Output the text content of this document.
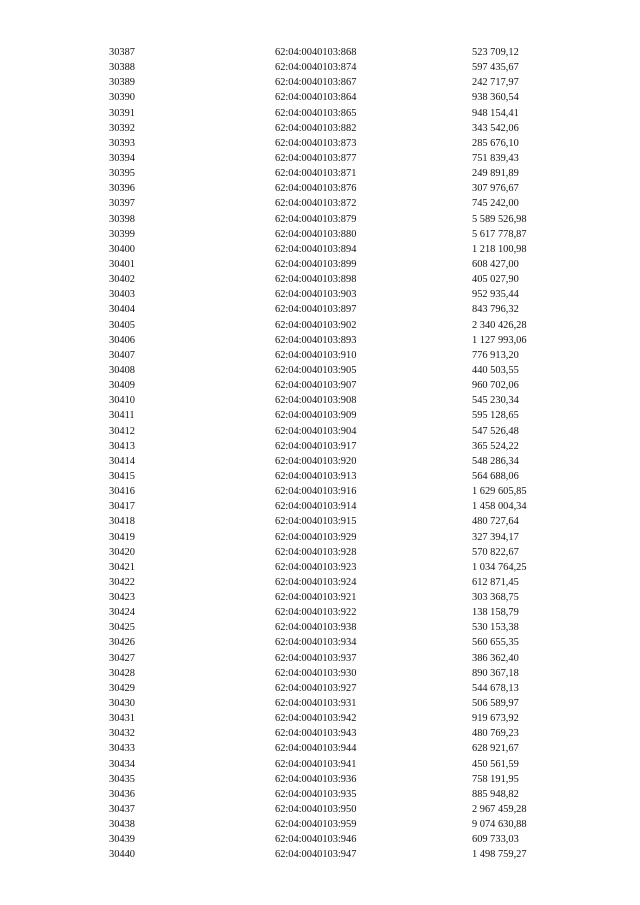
30387	62:04:0040103:868	523 709,12
30388	62:04:0040103:874	597 435,67
30389	62:04:0040103:867	242 717,97
30390	62:04:0040103:864	938 360,54
30391	62:04:0040103:865	948 154,41
30392	62:04:0040103:882	343 542,06
30393	62:04:0040103:873	285 676,10
30394	62:04:0040103:877	751 839,43
30395	62:04:0040103:871	249 891,89
30396	62:04:0040103:876	307 976,67
30397	62:04:0040103:872	745 242,00
30398	62:04:0040103:879	5 589 526,98
30399	62:04:0040103:880	5 617 778,87
30400	62:04:0040103:894	1 218 100,98
30401	62:04:0040103:899	608 427,00
30402	62:04:0040103:898	405 027,90
30403	62:04:0040103:903	952 935,44
30404	62:04:0040103:897	843 796,32
30405	62:04:0040103:902	2 340 426,28
30406	62:04:0040103:893	1 127 993,06
30407	62:04:0040103:910	776 913,20
30408	62:04:0040103:905	440 503,55
30409	62:04:0040103:907	960 702,06
30410	62:04:0040103:908	545 230,34
30411	62:04:0040103:909	595 128,65
30412	62:04:0040103:904	547 526,48
30413	62:04:0040103:917	365 524,22
30414	62:04:0040103:920	548 286,34
30415	62:04:0040103:913	564 688,06
30416	62:04:0040103:916	1 629 605,85
30417	62:04:0040103:914	1 458 004,34
30418	62:04:0040103:915	480 727,64
30419	62:04:0040103:929	327 394,17
30420	62:04:0040103:928	570 822,67
30421	62:04:0040103:923	1 034 764,25
30422	62:04:0040103:924	612 871,45
30423	62:04:0040103:921	303 368,75
30424	62:04:0040103:922	138 158,79
30425	62:04:0040103:938	530 153,38
30426	62:04:0040103:934	560 655,35
30427	62:04:0040103:937	386 362,40
30428	62:04:0040103:930	890 367,18
30429	62:04:0040103:927	544 678,13
30430	62:04:0040103:931	506 589,97
30431	62:04:0040103:942	919 673,92
30432	62:04:0040103:943	480 769,23
30433	62:04:0040103:944	628 921,67
30434	62:04:0040103:941	450 561,59
30435	62:04:0040103:936	758 191,95
30436	62:04:0040103:935	885 948,82
30437	62:04:0040103:950	2 967 459,28
30438	62:04:0040103:959	9 074 630,88
30439	62:04:0040103:946	609 733,03
30440	62:04:0040103:947	1 498 759,27
